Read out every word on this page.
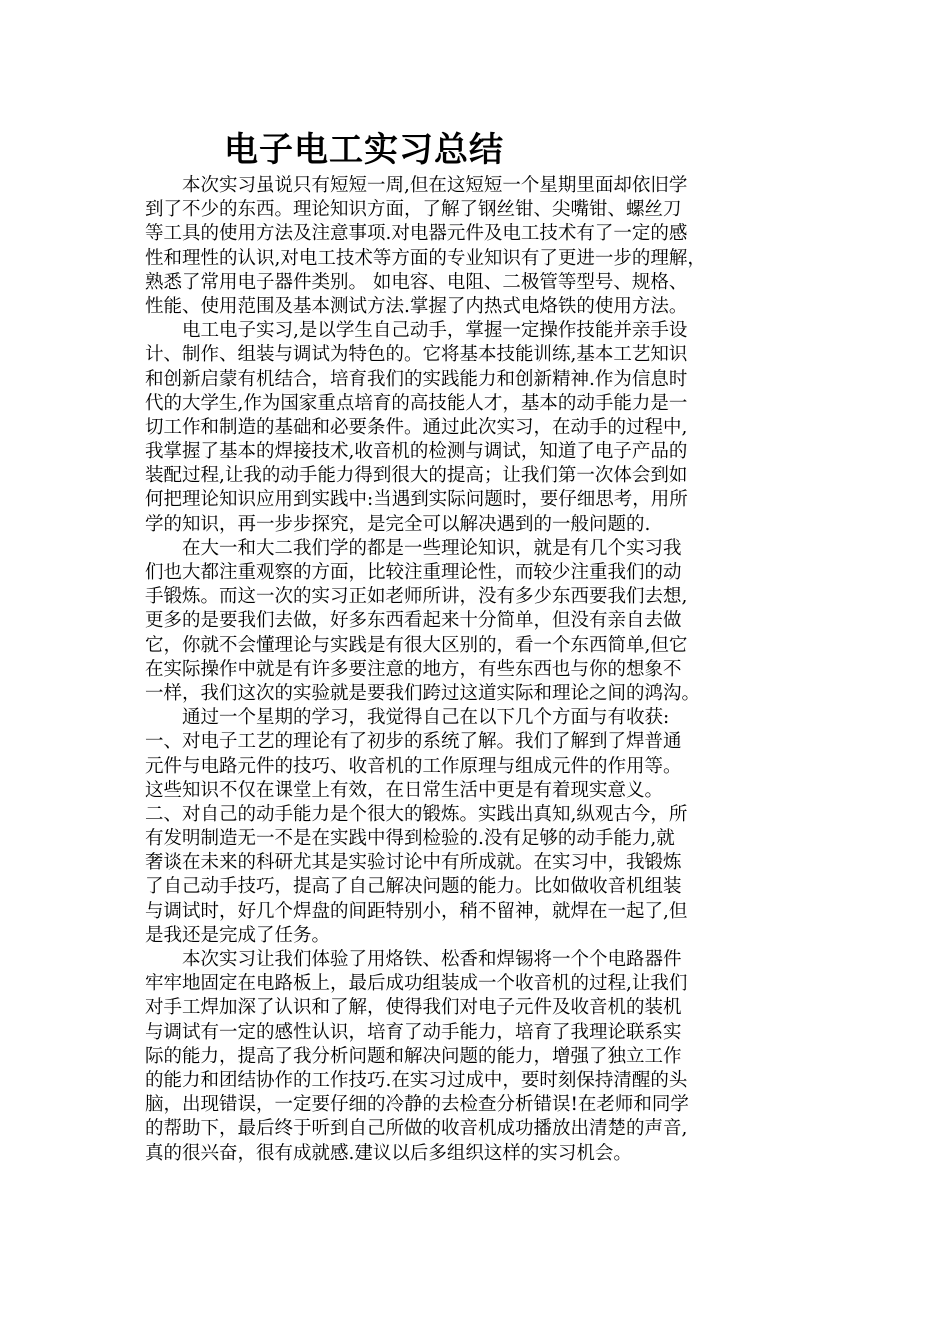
电子电工实习总结
　　本次实习虽说只有短短一周,但在这短短一个星期里面却依旧学
到了不少的东西。理论知识方面，了解了钢丝钳、尖嘴钳、螺丝刀
等工具的使用方法及注意事项.对电器元件及电工技术有了一定的感
性和理性的认识,对电工技术等方面的专业知识有了更进一步的理解，
熟悉了常用电子器件类别。 如电容、电阻、二极管等型号、规格、
性能、使用范围及基本测试方法.掌握了内热式电烙铁的使用方法。
　　电工电子实习,是以学生自己动手，掌握一定操作技能并亲手设
计、制作、组装与调试为特色的。它将基本技能训练,基本工艺知识
和创新启蒙有机结合，培育我们的实践能力和创新精神.作为信息时
代的大学生,作为国家重点培育的高技能人才，基本的动手能力是一
切工作和制造的基础和必要条件。通过此次实习，在动手的过程中,
我掌握了基本的焊接技术,收音机的检测与调试，知道了电子产品的
装配过程,让我的动手能力得到很大的提高；让我们第一次体会到如
何把理论知识应用到实践中:当遇到实际问题时，要仔细思考，用所
学的知识，再一步步探究，是完全可以解决遇到的一般问题的.
　　在大一和大二我们学的都是一些理论知识，就是有几个实习我
们也大都注重观察的方面，比较注重理论性，而较少注重我们的动
手锻炼。而这一次的实习正如老师所讲，没有多少东西要我们去想,
更多的是要我们去做，好多东西看起来十分简单，但没有亲自去做
它，你就不会懂理论与实践是有很大区别的，看一个东西简单,但它
在实际操作中就是有许多要注意的地方，有些东西也与你的想象不
一样，我们这次的实验就是要我们跨过这道实际和理论之间的鸿沟。
　　通过一个星期的学习，我觉得自己在以下几个方面与有收获:
一、对电子工艺的理论有了初步的系统了解。我们了解到了焊普通
元件与电路元件的技巧、收音机的工作原理与组成元件的作用等。
这些知识不仅在课堂上有效，在日常生活中更是有着现实意义。
二、对自己的动手能力是个很大的锻炼。实践出真知,纵观古今，所
有发明制造无一不是在实践中得到检验的.没有足够的动手能力,就
奢谈在未来的科研尤其是实验讨论中有所成就。在实习中，我锻炼
了自己动手技巧，提高了自己解决问题的能力。比如做收音机组装
与调试时，好几个焊盘的间距特别小，稍不留神，就焊在一起了,但
是我还是完成了任务。
　　本次实习让我们体验了用烙铁、松香和焊锡将一个个电路器件
牢牢地固定在电路板上，最后成功组装成一个收音机的过程,让我们
对手工焊加深了认识和了解，使得我们对电子元件及收音机的装机
与调试有一定的感性认识，培育了动手能力，培育了我理论联系实
际的能力，提高了我分析问题和解决问题的能力，增强了独立工作
的能力和团结协作的工作技巧.在实习过成中，要时刻保持清醒的头
脑，出现错误，一定要仔细的冷静的去检查分析错误!在老师和同学
的帮助下，最后终于听到自己所做的收音机成功播放出清楚的声音,
真的很兴奋，很有成就感.建议以后多组织这样的实习机会。
